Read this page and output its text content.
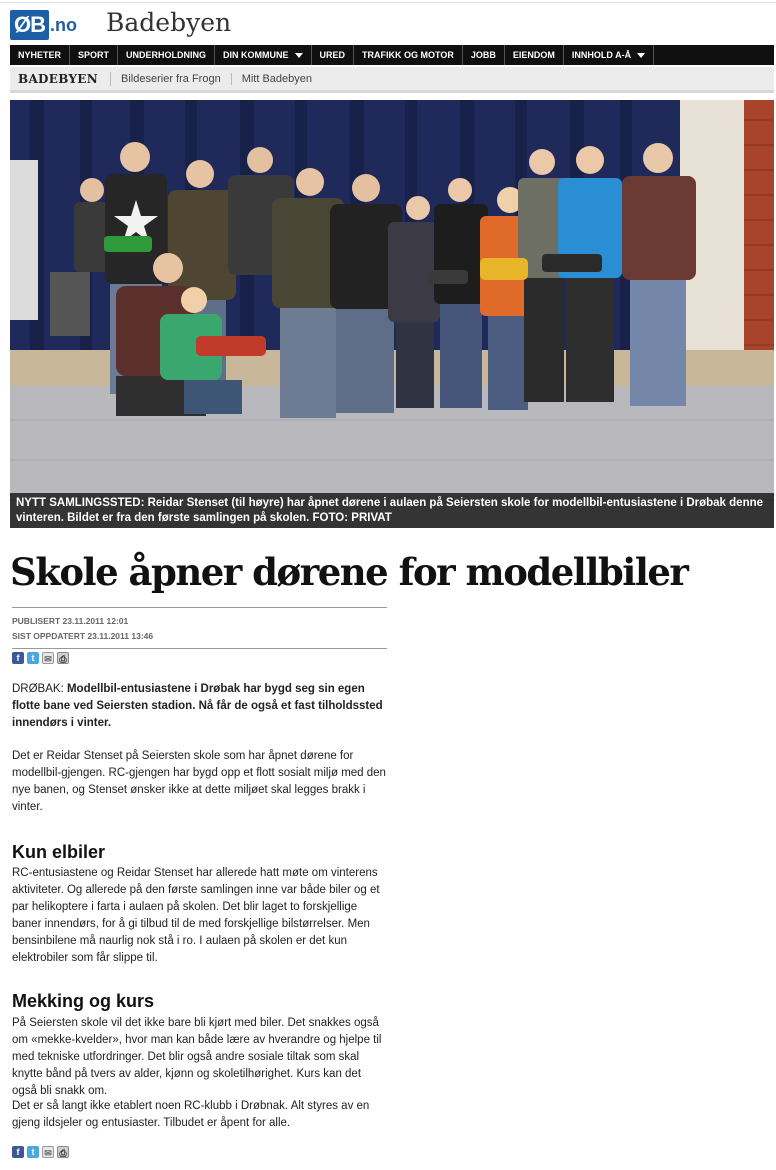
ØB .no Badebyen
NYHETER SPORT UNDERHOLDNING DIN KOMMUNE	URED TRAFIKK OG MOTOR JOBB EIENDOM INNHOLD A-Å
BADEBYEN	Bildeserier fra Frogn	Mitt Badebyen
NYTT SAMLINGSSTED: Reidar Stenset (til høyre) har åpnet dørene i aulaen på Seiersten skole for modellbil-entusiastene i Drøbak denne vinteren. Bildet er fra den første samlingen på skolen. FOTO: PRIVAT
Skole åpner dørene for modellbiler
PUBLISERT 23.11.2011 12:01
SIST OPPDATERT 23.11.2011 13:46
f	t	✉ ⎙
DRØBAK: Modellbil-entusiastene i Drøbak har bygd seg sin egen flotte bane ved Seiersten stadion. Nå får de også et fast tilholdssted innendørs i vinter.
Det er Reidar Stenset på Seiersten skole som har åpnet dørene for modellbil-gjengen. RC-gjengen har bygd opp et flott sosialt miljø med den nye banen, og Stenset ønsker ikke at dette miljøet skal legges brakk i vinter.
Kun elbiler
RC-entusiastene og Reidar Stenset har allerede hatt møte om vinterens aktiviteter. Og allerede på den første samlingen inne var både biler og et par helikoptere i farta i aulaen på skolen. Det blir laget to forskjellige baner innendørs, for å gi tilbud til de med forskjellige bilstørrelser. Men bensinbilene må naurlig nok stå i ro. I aulaen på skolen er det kun elektrobiler som får slippe til.
Mekking og kurs
På Seiersten skole vil det ikke bare bli kjørt med biler. Det snakkes også om «mekke-kvelder», hvor man kan både lære av hverandre og hjelpe til med tekniske utfordringer. Det blir også andre sosiale tiltak som skal knytte bånd på tvers av alder, kjønn og skoletilhørighet. Kurs kan det også bli snakk om.
Det er så langt ikke etablert noen RC-klubb i Drøbnak. Alt styres av en gjeng ildsjeler og entusiaster. Tilbudet er åpent for alle.
f	t	✉ ⎙
